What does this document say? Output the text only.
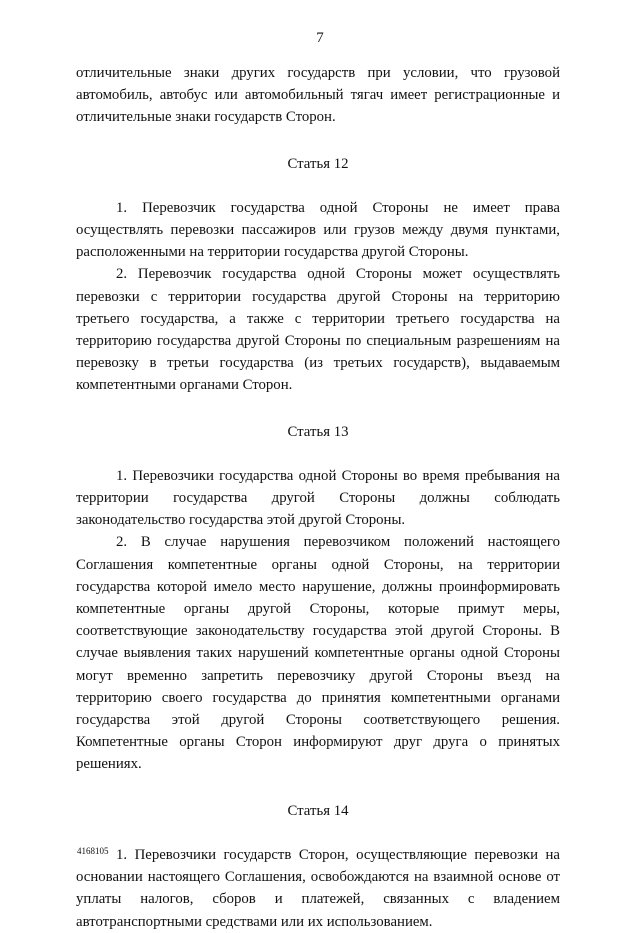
7

отличительные знаки других государств при условии, что грузовой автомобиль, автобус или автомобильный тягач имеет регистрационные и отличительные знаки государств Сторон.

Статья 12

1. Перевозчик государства одной Стороны не имеет права осуществлять перевозки пассажиров или грузов между двумя пунктами, расположенными на территории государства другой Стороны.

2. Перевозчик государства одной Стороны может осуществлять перевозки с территории государства другой Стороны на территорию третьего государства, а также с территории третьего государства на территорию государства другой Стороны по специальным разрешениям на перевозку в третьи государства (из третьих государств), выдаваемым компетентными органами Сторон.

Статья 13

1. Перевозчики государства одной Стороны во время пребывания на территории государства другой Стороны должны соблюдать законодательство государства этой другой Стороны.

2. В случае нарушения перевозчиком положений настоящего Соглашения компетентные органы одной Стороны, на территории государства которой имело место нарушение, должны проинформировать компетентные органы другой Стороны, которые примут меры, соответствующие законодательству государства этой другой Стороны. В случае выявления таких нарушений компетентные органы одной Стороны могут временно запретить перевозчику другой Стороны въезд на территорию своего государства до принятия компетентными органами государства этой другой Стороны соответствующего решения. Компетентные органы Сторон информируют друг друга о принятых решениях.

Статья 14

1. Перевозчики государств Сторон, осуществляющие перевозки на основании настоящего Соглашения, освобождаются на взаимной основе от уплаты налогов, сборов и платежей, связанных с владением автотранспортными средствами или их использованием.

4168105
